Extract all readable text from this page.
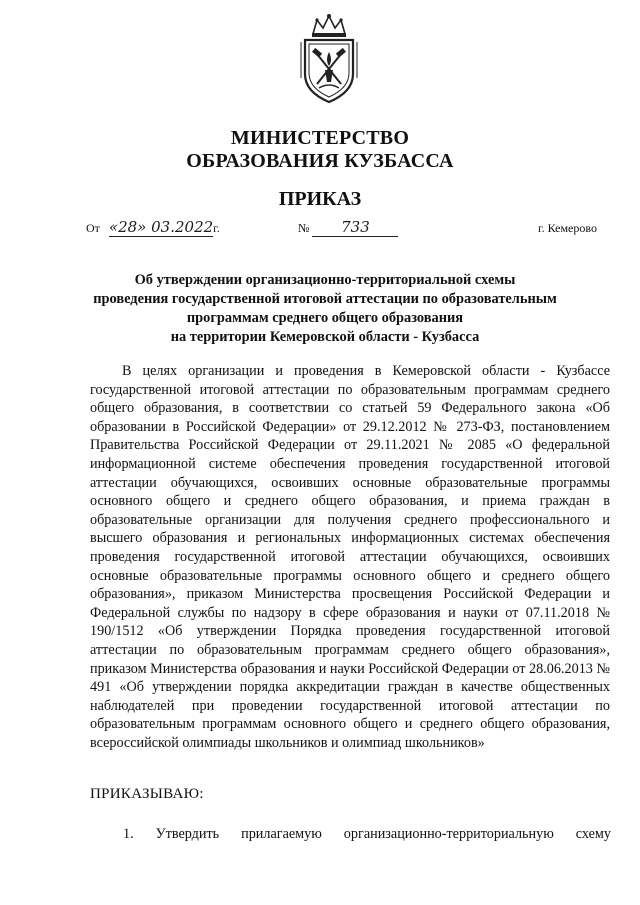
МИНИСТЕРСТВО
ОБРАЗОВАНИЯ КУЗБАССА
ПРИКАЗ
От «28» 03.2022г.	№ 733	г. Кемерово
Об утверждении организационно-территориальной схемы
проведения государственной итоговой аттестации по образовательным
программам среднего общего образования
на территории Кемеровской области - Кузбасса

В целях организации и проведения в Кемеровской области - Кузбассе государственной итоговой аттестации по образовательным программам среднего общего образования, в соответствии со статьей 59 Федерального закона «Об образовании в Российской Федерации» от 29.12.2012 № 273-ФЗ, постановлением Правительства Российской Федерации от 29.11.2021 № 2085 «О федеральной информационной системе обеспечения проведения государственной итоговой аттестации обучающихся, освоивших основные образовательные программы основного общего и среднего общего образования, и приема граждан в образовательные организации для получения среднего профессионального и высшего образования и региональных информационных системах обеспечения проведения государственной итоговой аттестации обучающихся, освоивших основные образовательные программы основного общего и среднего общего образования», приказом Министерства просвещения Российской Федерации и Федеральной службы по надзору в сфере образования и науки от 07.11.2018 № 190/1512 «Об утверждении Порядка проведения государственной итоговой аттестации по образовательным программам среднего общего образования», приказом Министерства образования и науки Российской Федерации от 28.06.2013 № 491 «Об утверждении порядка аккредитации граждан в качестве общественных наблюдателей при проведении государственной итоговой аттестации по образовательным программам основного общего и среднего общего образования, всероссийской олимпиады школьников и олимпиад школьников»

ПРИКАЗЫВАЮ:
1. Утвердить прилагаемую организационно-территориальную схему
